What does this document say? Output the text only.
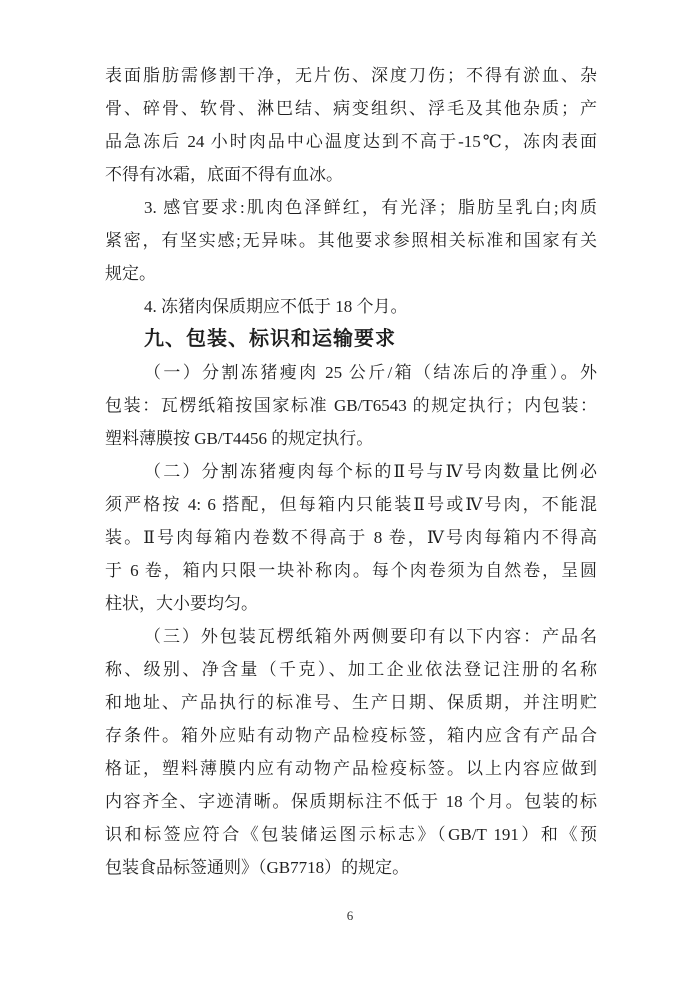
表面脂肪需修割干净，无片伤、深度刀伤；不得有淤血、杂
骨、碎骨、软骨、淋巴结、病变组织、浮毛及其他杂质；产
品急冻后 24 小时肉品中心温度达到不高于-15℃，冻肉表面
不得有冰霜，底面不得有血冰。
3. 感官要求:肌肉色泽鲜红，有光泽；脂肪呈乳白;肉质
紧密，有坚实感;无异味。其他要求参照相关标准和国家有关
规定。
4. 冻猪肉保质期应不低于 18 个月。
九、包装、标识和运输要求
（一）分割冻猪瘦肉 25 公斤/箱（结冻后的净重）。外
包装：瓦楞纸箱按国家标准 GB/T6543 的规定执行；内包装：
塑料薄膜按 GB/T4456 的规定执行。
（二）分割冻猪瘦肉每个标的Ⅱ号与Ⅳ号肉数量比例必
须严格按 4: 6 搭配，但每箱内只能装Ⅱ号或Ⅳ号肉，不能混
装。Ⅱ号肉每箱内卷数不得高于 8 卷，Ⅳ号肉每箱内不得高
于 6 卷，箱内只限一块补称肉。每个肉卷须为自然卷，呈圆
柱状，大小要均匀。
（三）外包装瓦楞纸箱外两侧要印有以下内容：产品名
称、级别、净含量（千克）、加工企业依法登记注册的名称
和地址、产品执行的标准号、生产日期、保质期，并注明贮
存条件。箱外应贴有动物产品检疫标签，箱内应含有产品合
格证，塑料薄膜内应有动物产品检疫标签。以上内容应做到
内容齐全、字迹清晰。保质期标注不低于 18 个月。包装的标
识和标签应符合《包装储运图示标志》（GB/T 191）和《预
包装食品标签通则》（GB7718）的规定。
6
